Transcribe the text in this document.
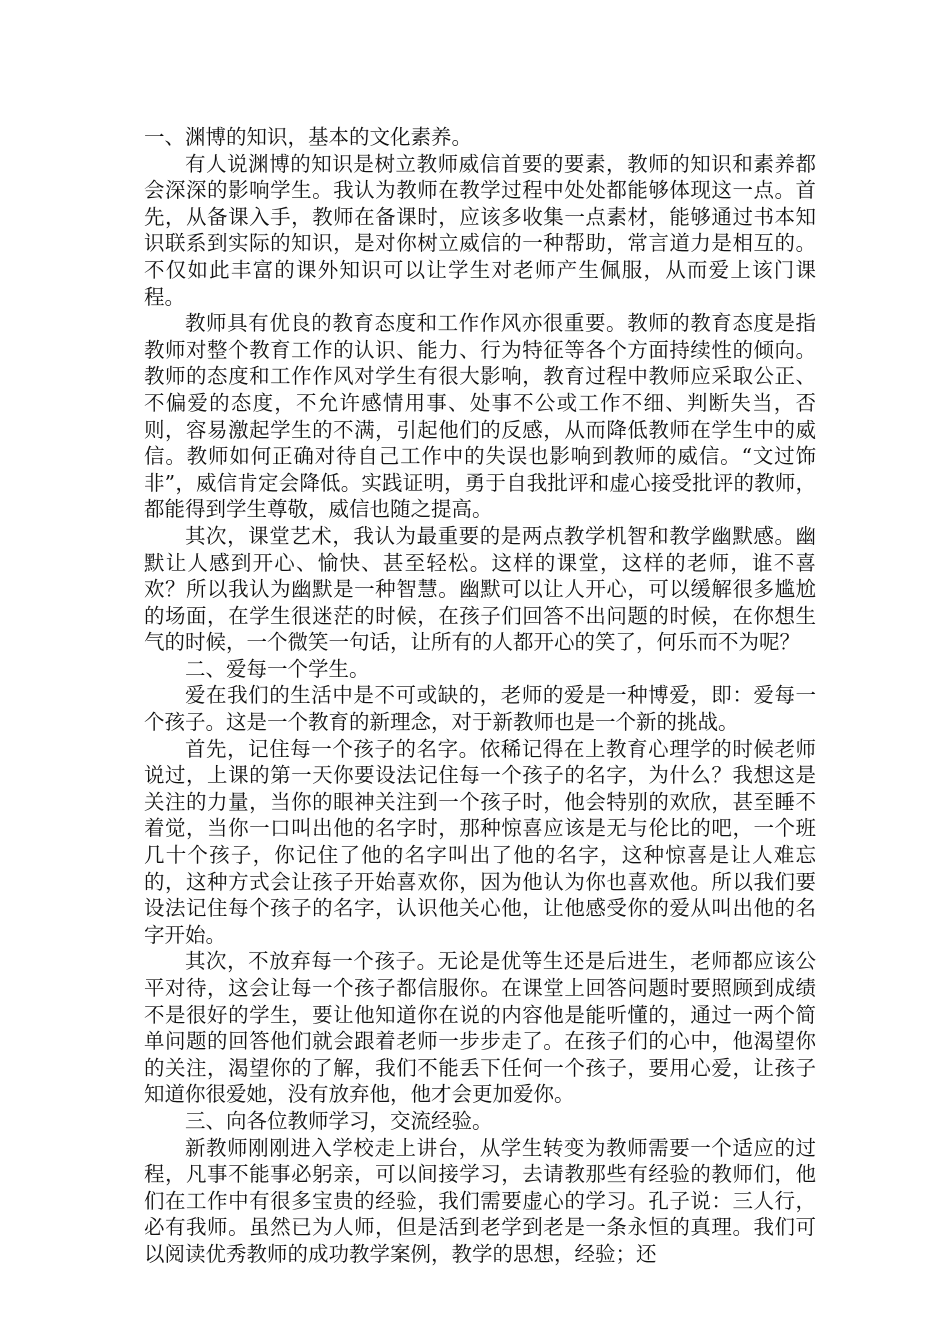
一、渊博的知识，基本的文化素养。

有人说渊博的知识是树立教师威信首要的要素，教师的知识和素养都会深深的影响学生。我认为教师在教学过程中处处都能够体现这一点。首先，从备课入手，教师在备课时，应该多收集一点素材，能够通过书本知识联系到实际的知识，是对你树立威信的一种帮助，常言道力是相互的。不仅如此丰富的课外知识可以让学生对老师产生佩服，从而爱上该门课程。

教师具有优良的教育态度和工作作风亦很重要。教师的教育态度是指教师对整个教育工作的认识、能力、行为特征等各个方面持续性的倾向。教师的态度和工作作风对学生有很大影响，教育过程中教师应采取公正、不偏爱的态度，不允许感情用事、处事不公或工作不细、判断失当，否则，容易激起学生的不满，引起他们的反感，从而降低教师在学生中的威信。教师如何正确对待自己工作中的失误也影响到教师的威信。“文过饰非”，威信肯定会降低。实践证明，勇于自我批评和虚心接受批评的教师，都能得到学生尊敬，威信也随之提高。

其次，课堂艺术，我认为最重要的是两点教学机智和教学幽默感。幽默让人感到开心、愉快、甚至轻松。这样的课堂，这样的老师，谁不喜欢？所以我认为幽默是一种智慧。幽默可以让人开心，可以缓解很多尴尬的场面，在学生很迷茫的时候，在孩子们回答不出问题的时候，在你想生气的时候，一个微笑一句话，让所有的人都开心的笑了，何乐而不为呢？

二、爱每一个学生。

爱在我们的生活中是不可或缺的，老师的爱是一种博爱，即：爱每一个孩子。这是一个教育的新理念，对于新教师也是一个新的挑战。

首先，记住每一个孩子的名字。依稀记得在上教育心理学的时候老师说过，上课的第一天你要设法记住每一个孩子的名字，为什么？我想这是关注的力量，当你的眼神关注到一个孩子时，他会特别的欢欣，甚至睡不着觉，当你一口叫出他的名字时，那种惊喜应该是无与伦比的吧，一个班几十个孩子，你记住了他的名字叫出了他的名字，这种惊喜是让人难忘的，这种方式会让孩子开始喜欢你，因为他认为你也喜欢他。所以我们要设法记住每个孩子的名字，认识他关心他，让他感受你的爱从叫出他的名字开始。

其次，不放弃每一个孩子。无论是优等生还是后进生，老师都应该公平对待，这会让每一个孩子都信服你。在课堂上回答问题时要照顾到成绩不是很好的学生，要让他知道你在说的内容他是能听懂的，通过一两个简单问题的回答他们就会跟着老师一步步走了。在孩子们的心中，他渴望你的关注，渴望你的了解，我们不能丢下任何一个孩子，要用心爱，让孩子知道你很爱她，没有放弃他，他才会更加爱你。

三、向各位教师学习，交流经验。

新教师刚刚进入学校走上讲台，从学生转变为教师需要一个适应的过程，凡事不能事必躬亲，可以间接学习，去请教那些有经验的教师们，他们在工作中有很多宝贵的经验，我们需要虚心的学习。孔子说：三人行，必有我师。虽然已为人师，但是活到老学到老是一条永恒的真理。我们可以阅读优秀教师的成功教学案例，教学的思想，经验；还
